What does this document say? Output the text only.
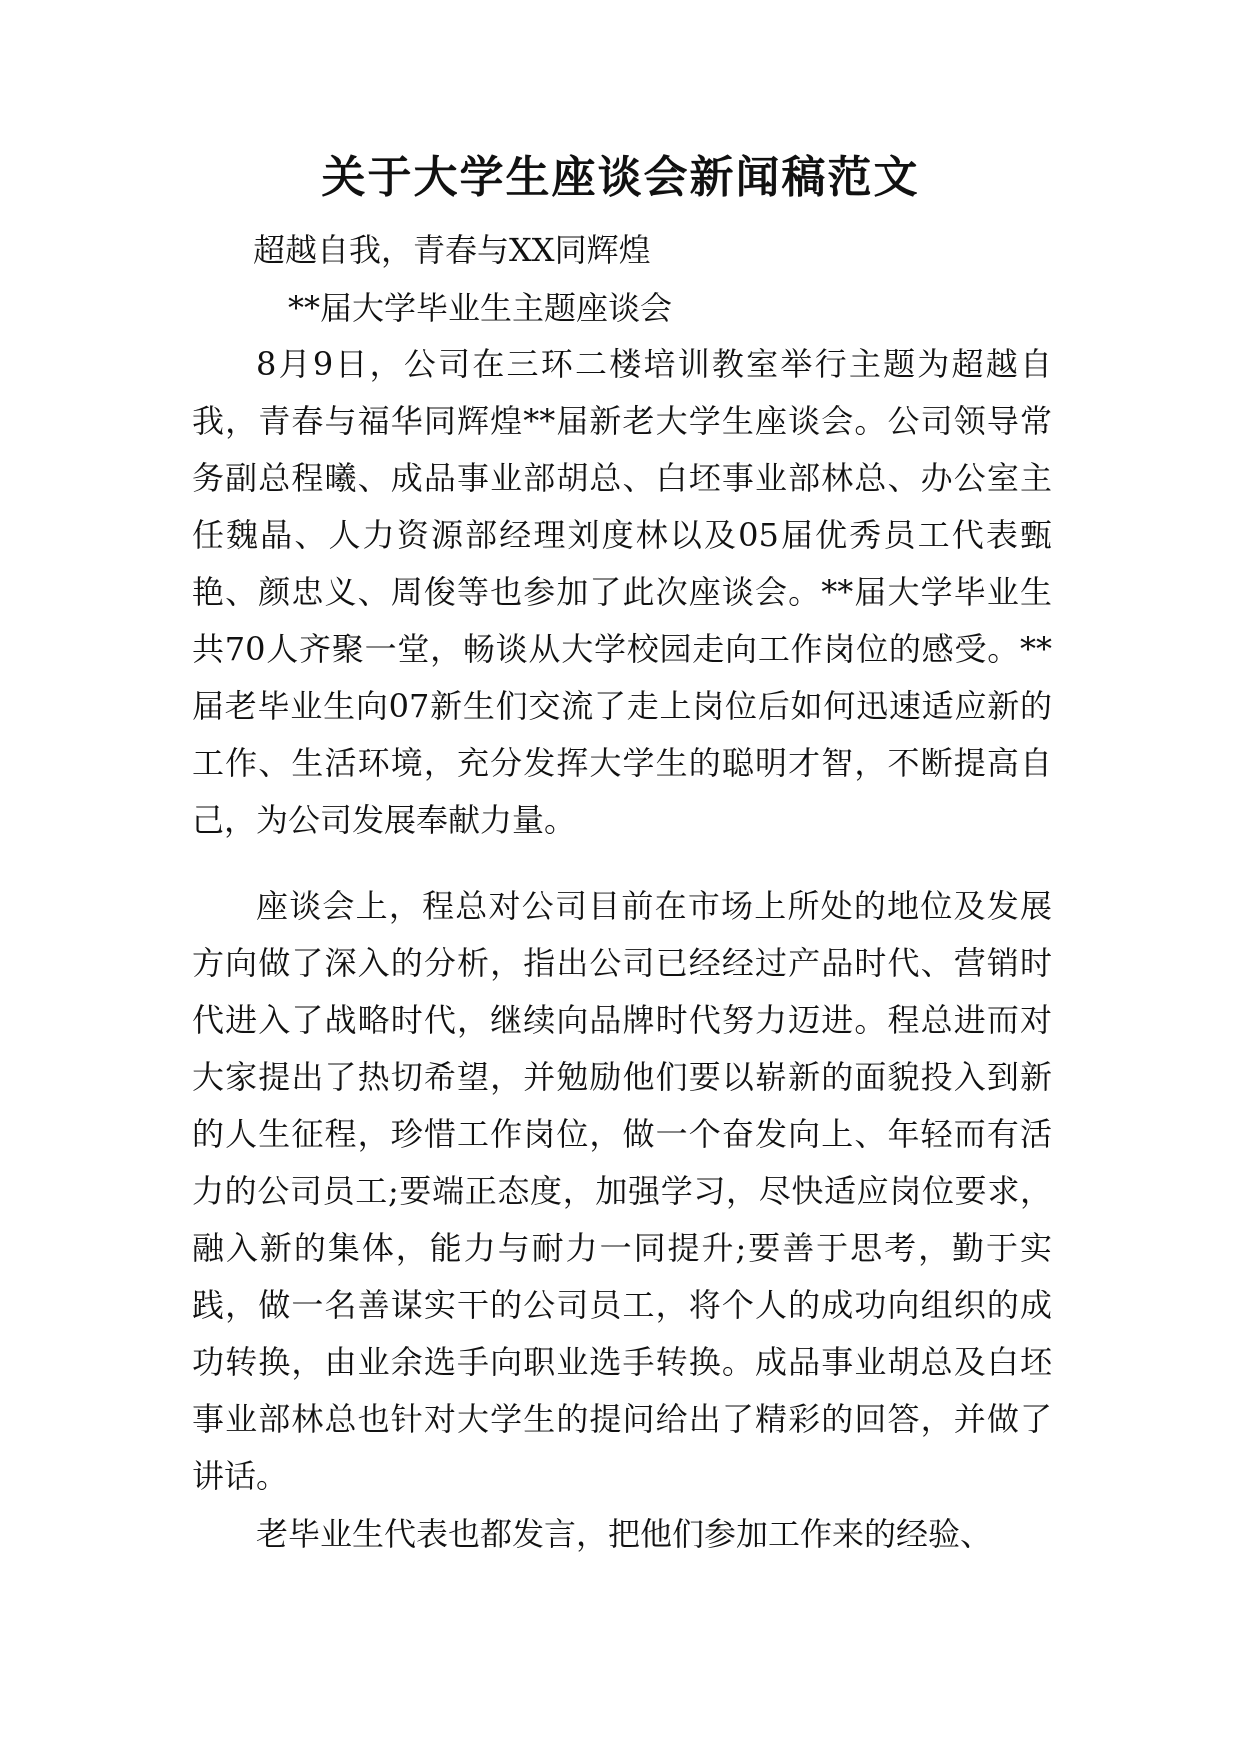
关于大学生座谈会新闻稿范文

超越自我，青春与XX同辉煌

**届大学毕业生主题座谈会

8月9日，公司在三环二楼培训教室举行主题为超越自我，青春与福华同辉煌**届新老大学生座谈会。公司领导常务副总程曦、成品事业部胡总、白坯事业部林总、办公室主任魏晶、人力资源部经理刘度林以及05届优秀员工代表甄艳、颜忠义、周俊等也参加了此次座谈会。**届大学毕业生共70人齐聚一堂，畅谈从大学校园走向工作岗位的感受。**届老毕业生向07新生们交流了走上岗位后如何迅速适应新的工作、生活环境，充分发挥大学生的聪明才智，不断提高自己，为公司发展奉献力量。

座谈会上，程总对公司目前在市场上所处的地位及发展方向做了深入的分析，指出公司已经经过产品时代、营销时代进入了战略时代，继续向品牌时代努力迈进。程总进而对大家提出了热切希望，并勉励他们要以崭新的面貌投入到新的人生征程，珍惜工作岗位，做一个奋发向上、年轻而有活力的公司员工;要端正态度，加强学习，尽快适应岗位要求，融入新的集体，能力与耐力一同提升;要善于思考，勤于实践，做一名善谋实干的公司员工，将个人的成功向组织的成功转换，由业余选手向职业选手转换。成品事业胡总及白坯事业部林总也针对大学生的提问给出了精彩的回答，并做了讲话。

老毕业生代表也都发言，把他们参加工作来的经验、
